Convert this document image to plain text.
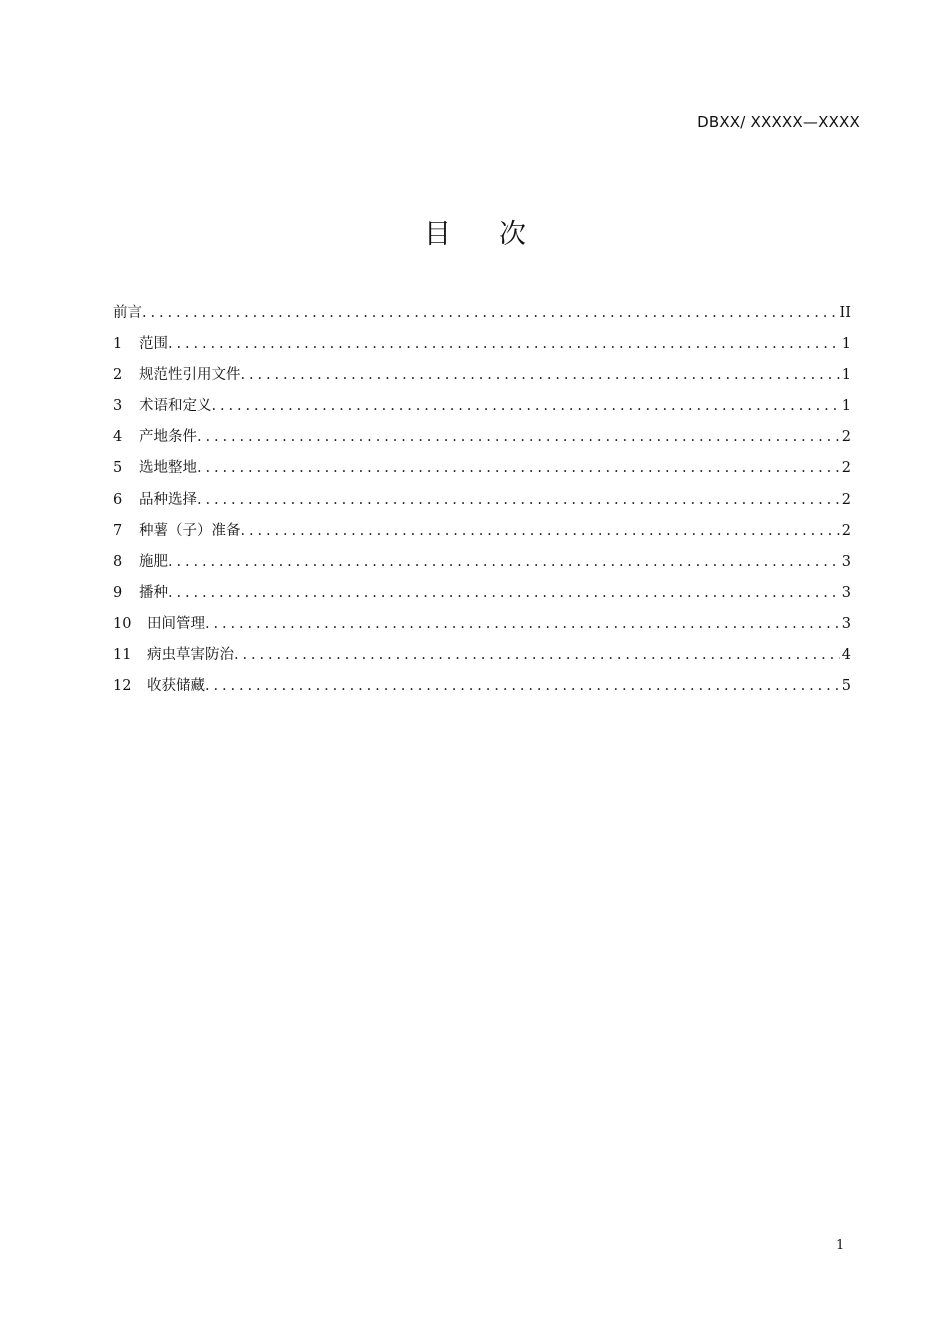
DBXX/ XXXXX—XXXX
目 次
前言 .....	II
1	范围 .....	1
2	规范性引用文件 .....	1
3	术语和定义 .....	1
4	产地条件 .....	2
5	选地整地 .....	2
6	品种选择 .....	2
7	种薯（子）准备 .....	2
8	施肥 .....	3
9	播种 .....	3
10	田间管理 .....	3
11	病虫草害防治 .....	4
12	收获储藏 .....	5
1
